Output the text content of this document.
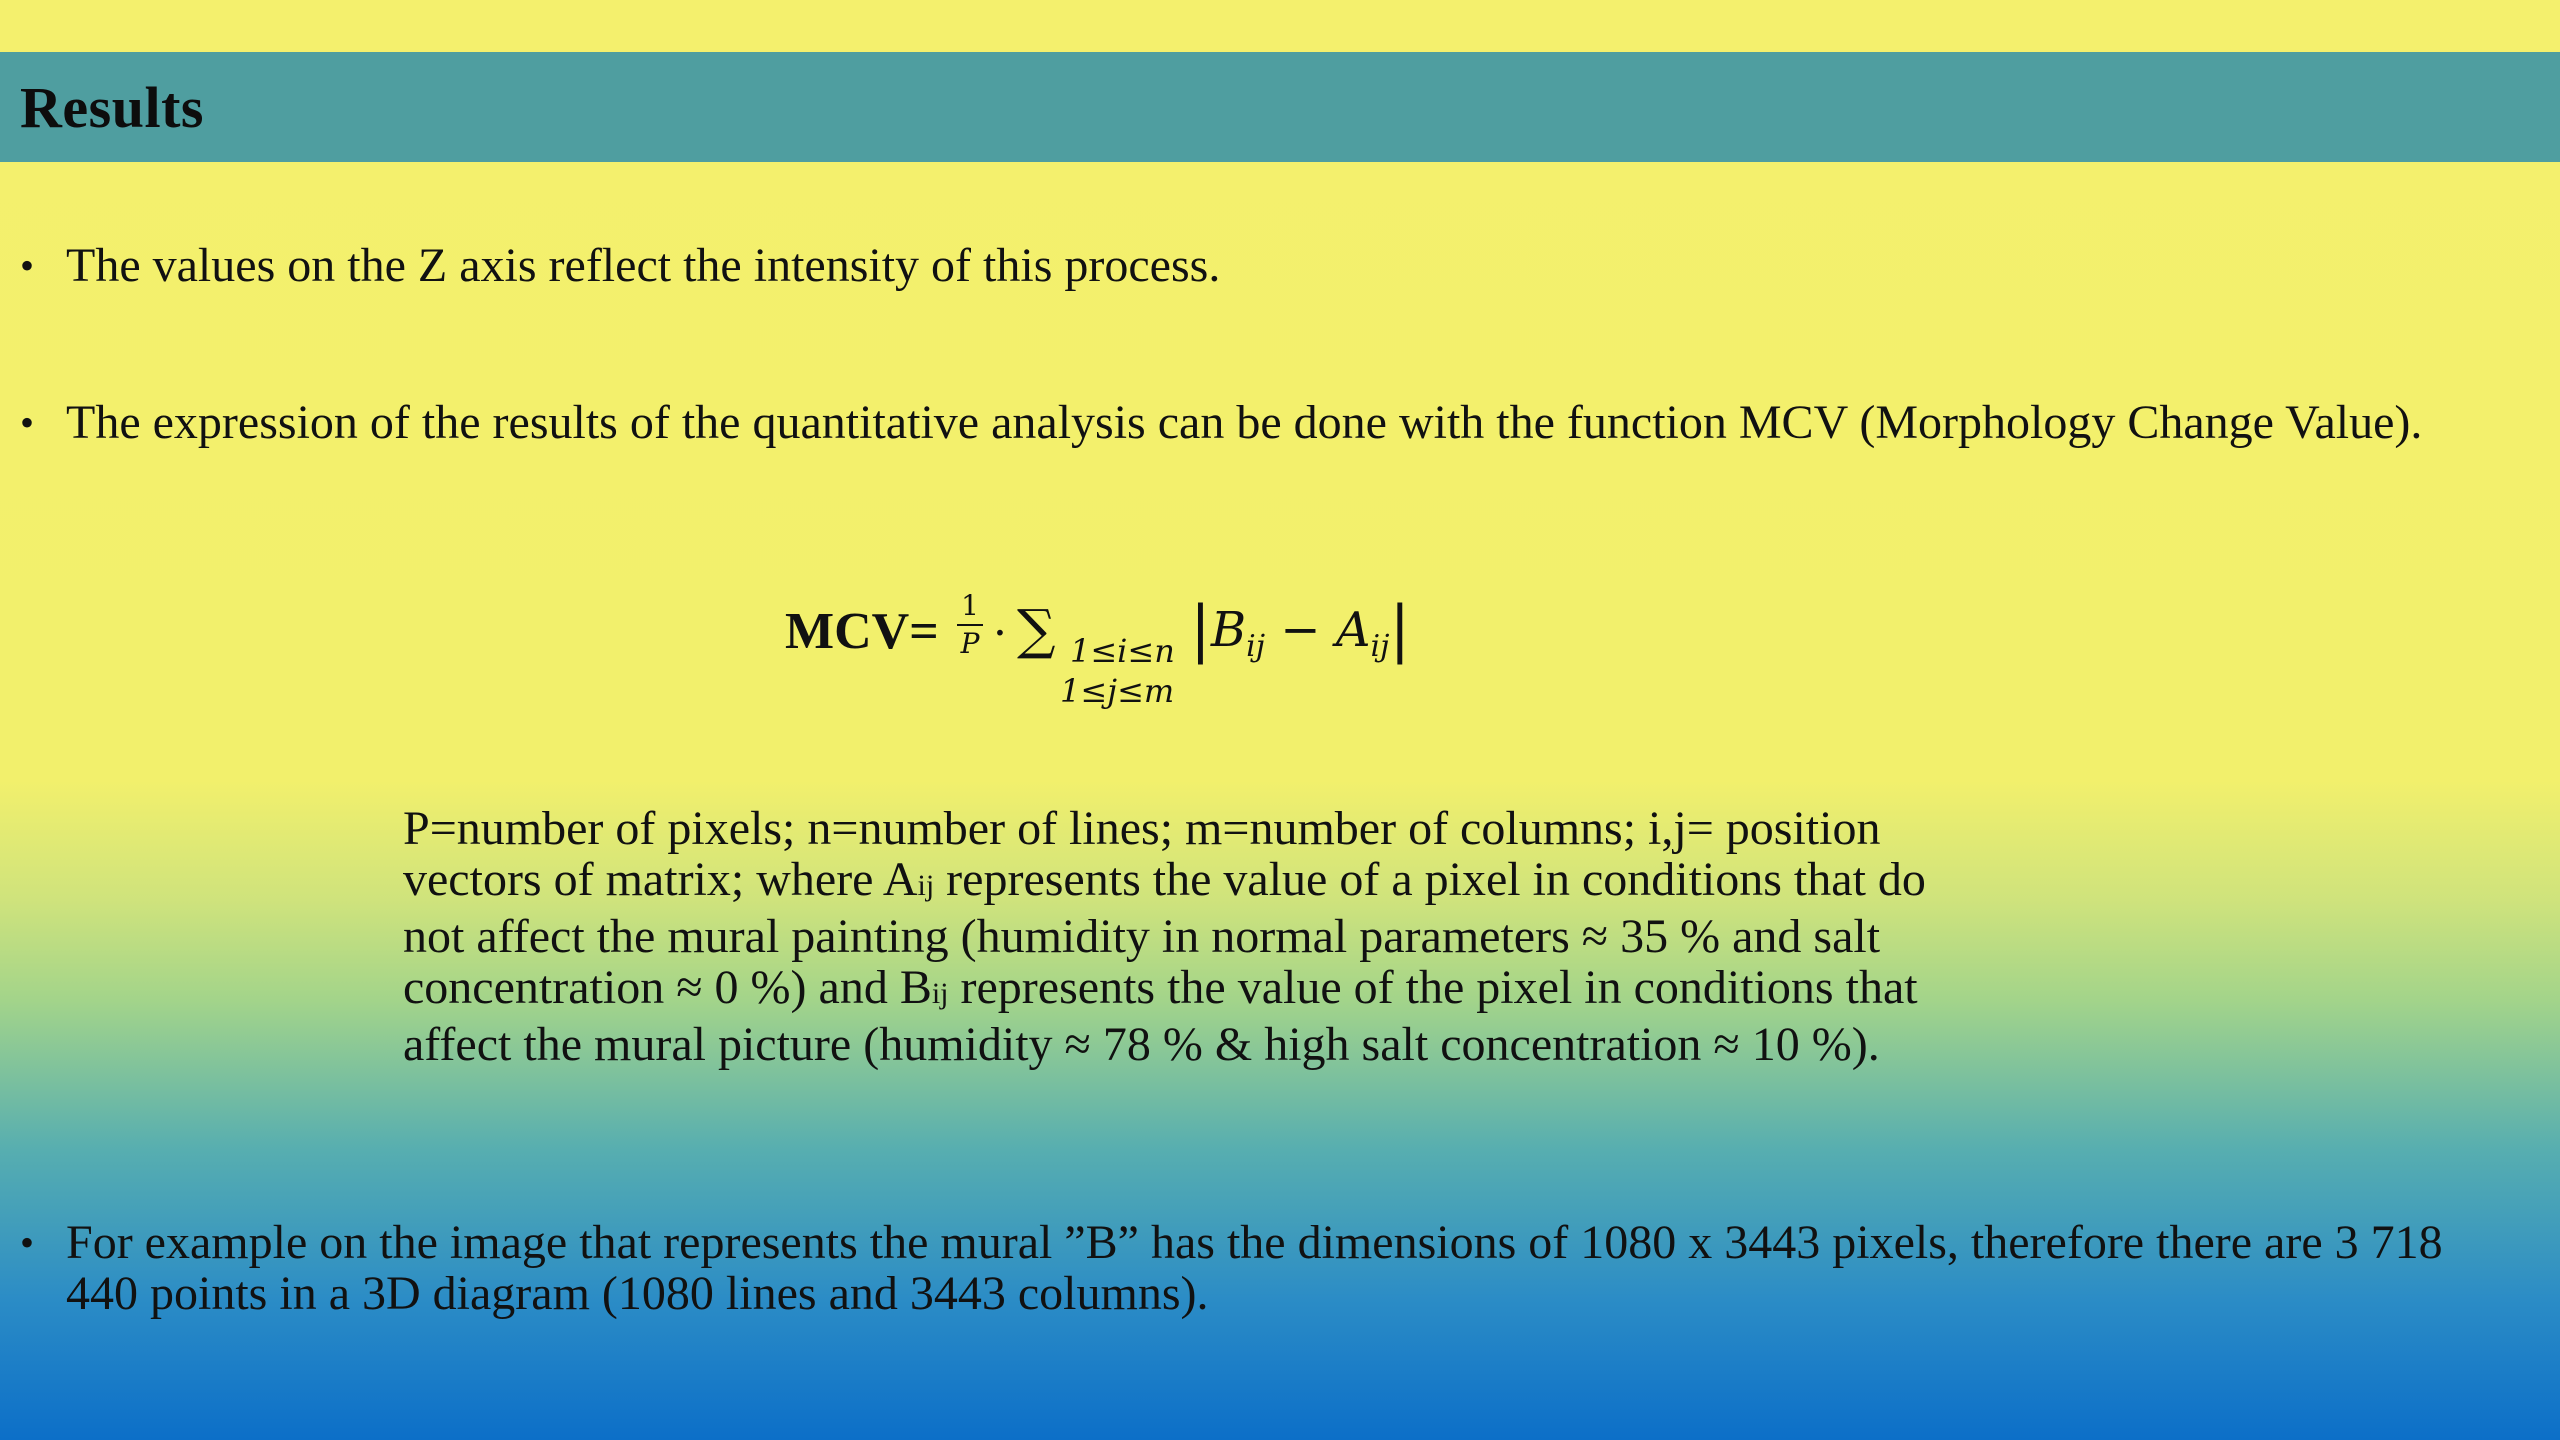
Results
• The values on the Z axis reflect the intensity of this process.
• The expression of the results of the quantitative analysis can be done with the function MCV (Morphology Change Value).
MCV= 1
P · ∑ 1≤i≤n
1≤j≤m
$|B_{ij} - A_{ij}|$
P=number of pixels; n=number of lines; m=number of columns; i,j= position vectors of matrix; where Aij represents the value of a pixel in conditions that do not affect the mural painting (humidity in normal parameters ≈ 35 % and salt concentration ≈ 0 %) and Bij represents the value of the pixel in conditions that affect the mural picture (humidity ≈ 78 % & high salt concentration ≈ 10 %).
• For example on the image that represents the mural ”B” has the dimensions of 1080 x 3443 pixels, therefore there are 3 718 440 points in a 3D diagram (1080 lines and 3443 columns).
